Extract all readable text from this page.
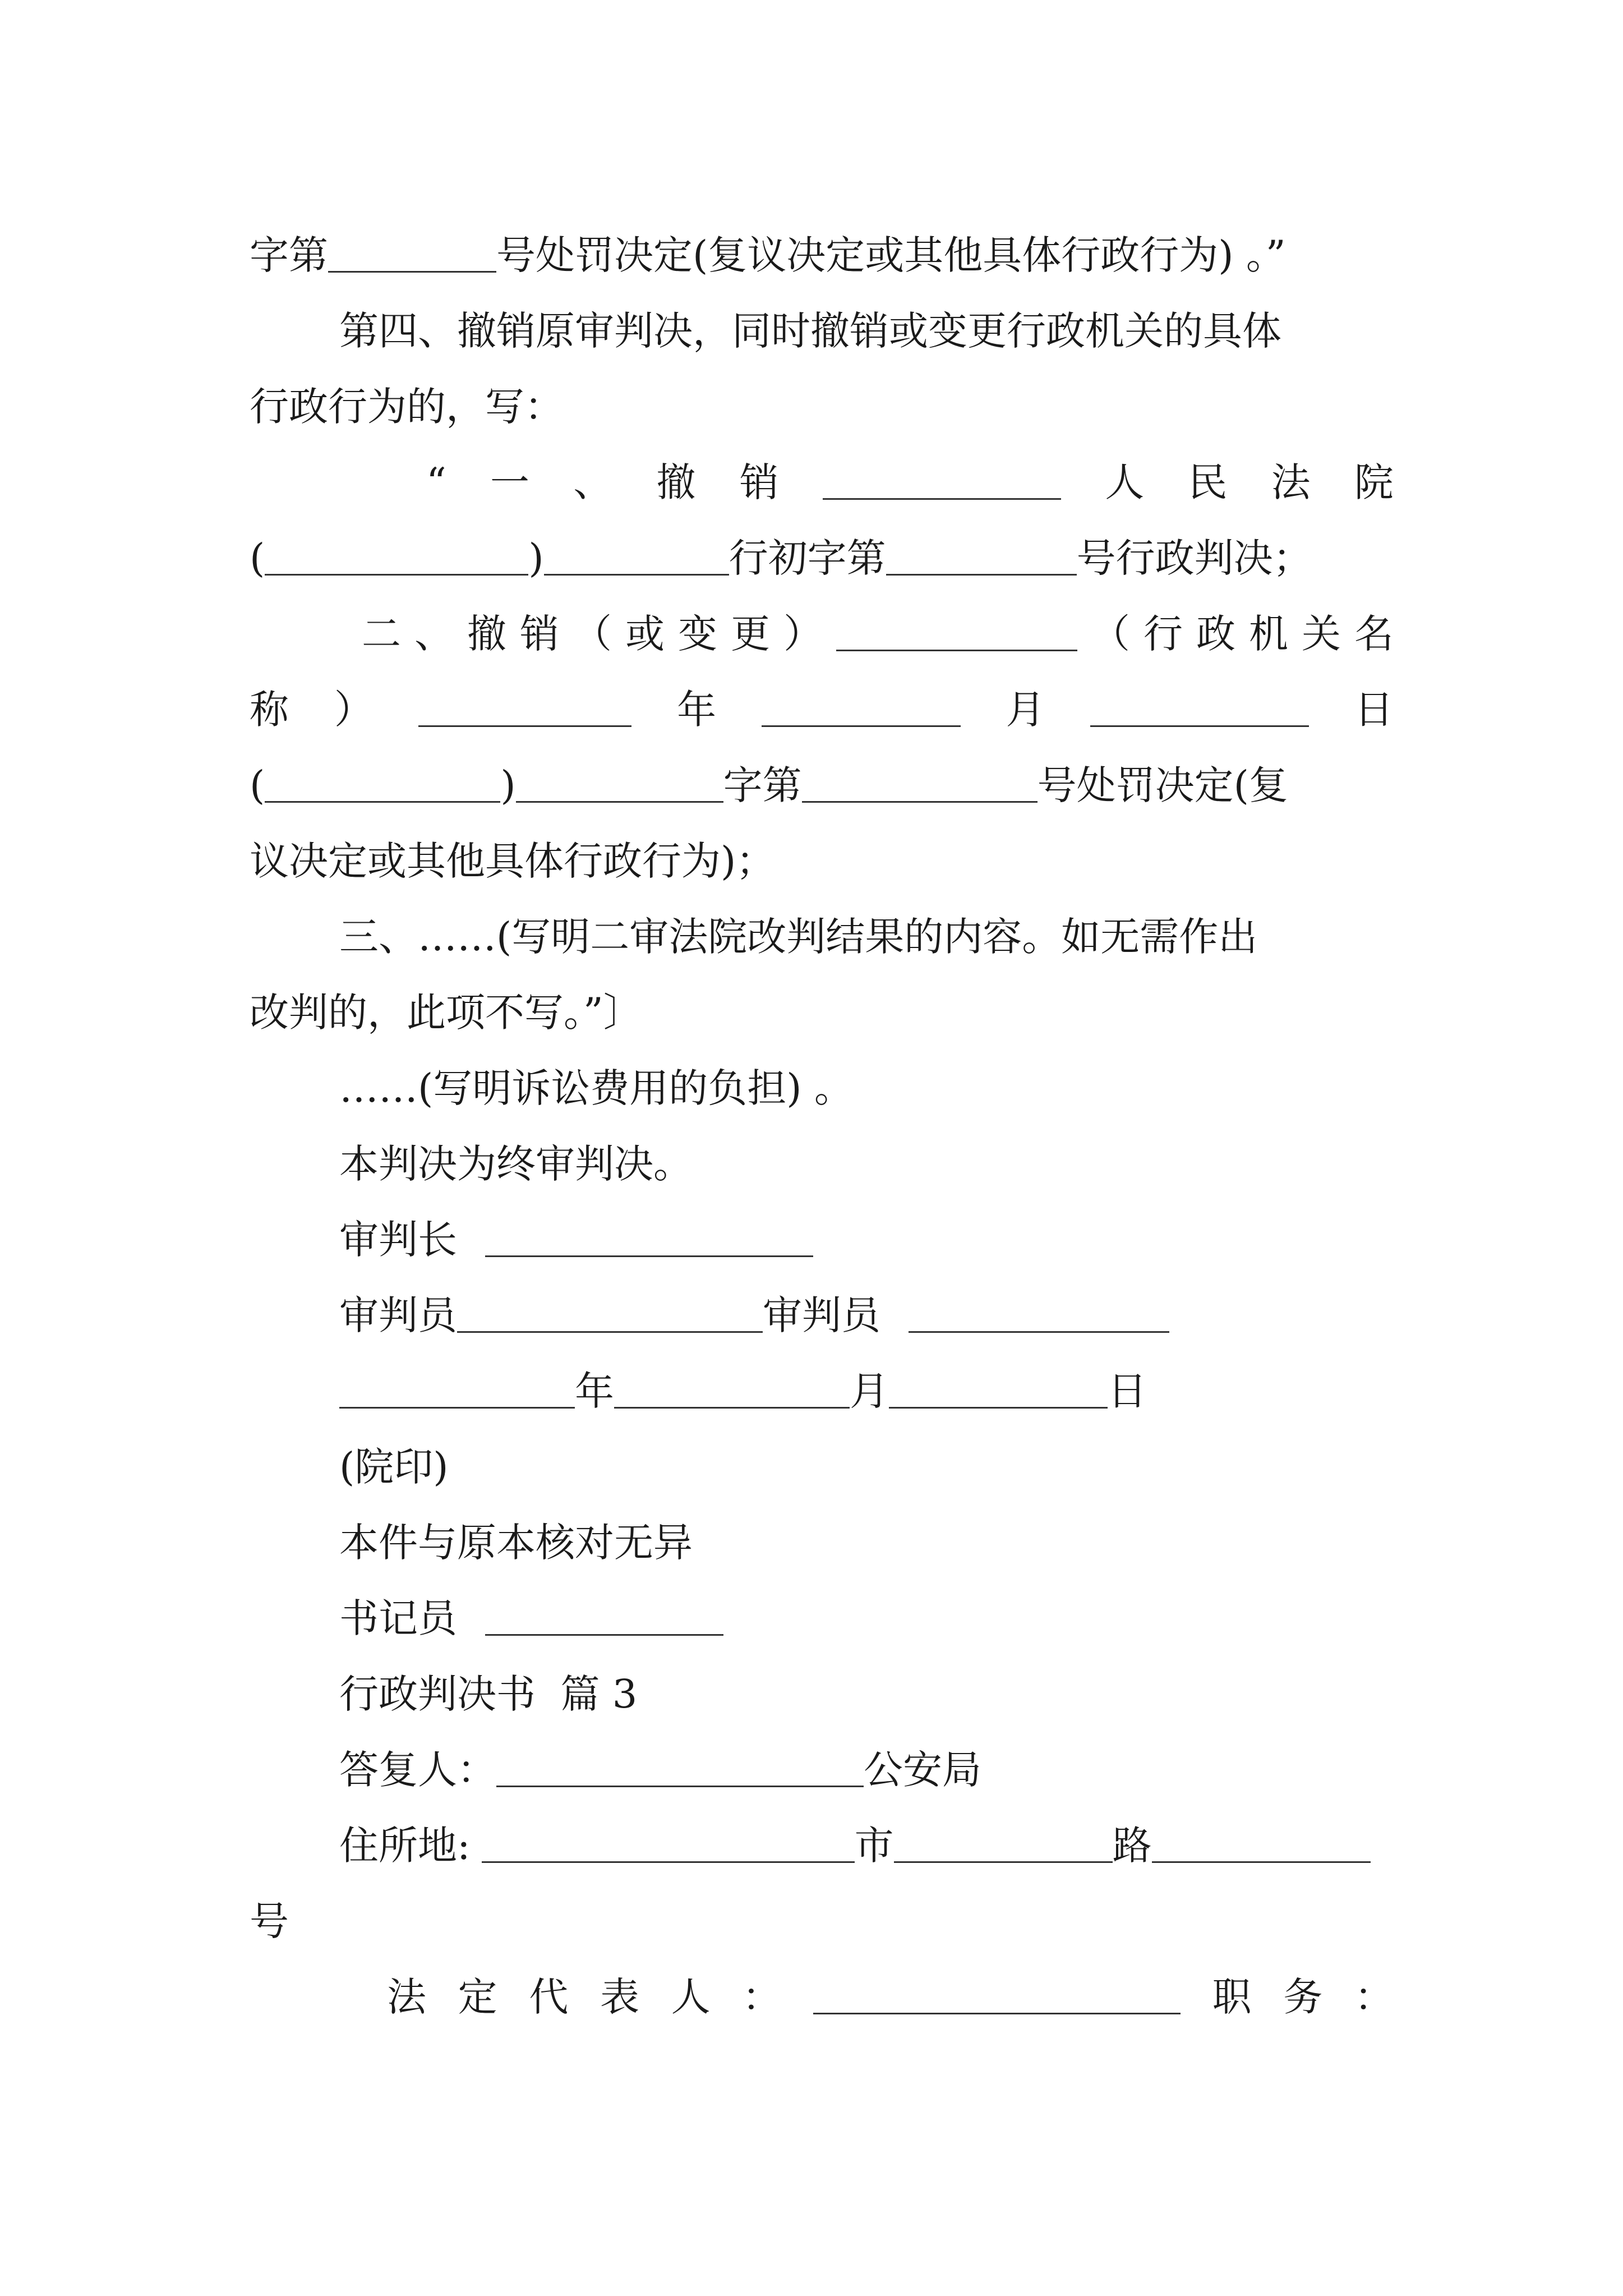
字第	号处罚决定(复议决定或其他具体行政行为) 。”
第四、撤销原审判决，同时撤销或变更行政机关的具体
行政行为的，写：
“ 一 、 撤 销	人 民 法 院
(	)	行初字第	号行政判决；
二 、 撤 销 （ 或 变 更 ）	（ 行 政 机 关 名
称 ）	年	月	日
(	)	字第	号处罚决定(复
议决定或其他具体行政行为)；
三、……(写明二审法院改判结果的内容。如无需作出
改判的，此项不写。”〕
……(写明诉讼费用的负担) 。
本判决为终审判决。
审判长
审判员	审判员
年	月	日
(院印)
本件与原本核对无异
书记员
行政判决书  篇 3
答复人：	公安局
住所地:	市	路
号
法 定 代 表 人 ：	职 务 ：
